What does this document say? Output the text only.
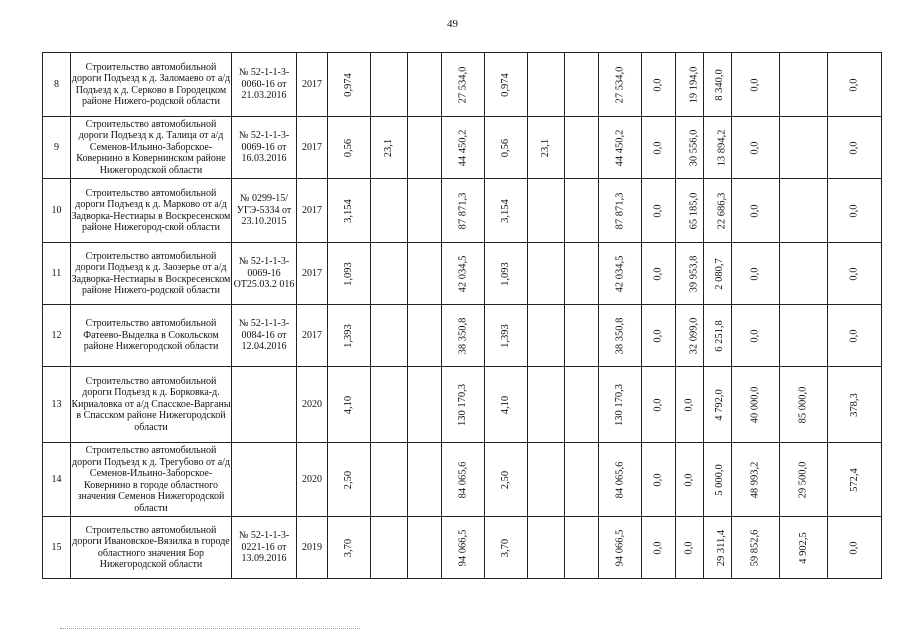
49
8	Строительство автомобильной дороги Подъезд к д. Заломаево от а/д Подъезд к д. Серково в Городецком районе Нижего-родской области	№ 52-1-1-3-0060-16 от 21.03.2016	2017	0,974			27 534,0	0,974			27 534,0	0,0	19 194,0	8 340,0	0,0		0,0
9	Строительство автомобильной дороги Подъезд к д. Талица от а/д Семенов-Ильино-Заборское-Ковернино в Ковернинском районе Нижегородской области	№ 52-1-1-3-0069-16 от 16.03.2016	2017	0,56	23,1		44 450,2	0,56	23,1		44 450,2	0,0	30 556,0	13 894,2	0,0		0,0
10	Строительство автомобильной дороги Подъезд к д. Марково от а/д Задворка-Нестиары в Воскресенском районе Нижегород-ской области	№ 0299-15/УГЭ-5334 от 23.10.2015	2017	3,154			87 871,3	3,154			87 871,3	0,0	65 185,0	22 686,3	0,0		0,0
11	Строительство автомобильной дороги Подъезд к д. Заозерье от а/д Задворка-Нестиары в Воскресенском районе Нижего-родской области	№ 52-1-1-3-0069-16 ОТ25.03.2 016	2017	1,093			42 034,5	1,093			42 034,5	0,0	39 953,8	2 080,7	0,0		0,0
12	Строительство автомобильной Фатеево-Выделка в Сокольском районе Нижегородской области	№ 52-1-1-3-0084-16 от 12.04.2016	2017	1,393			38 350,8	1,393			38 350,8	0,0	32 099,0	6 251,8	0,0		0,0
13	Строительство автомобильной дороги Подъезд к д. Борковка-д. Кириаловка от а/д Спасское-Варганы в Спасском районе Нижегородской области		2020	4,10			130 170,3	4,10			130 170,3	0,0	0,0	4 792,0	40 000,0	85 000,0	378,3
14	Строительство автомобильной дороги Подъезд к д. Трегубово от а/д Семенов-Ильино-Заборское-Ковернино в городе областного значения Семенов Нижегородской области		2020	2,50			84 065,6	2,50			84 065,6	0,0	0,0	5 000,0	48 993,2	29 500,0	572,4
15	Строительство автомобильной дороги Ивановское-Вязилка в городе областного значения Бор Нижегородской области	№ 52-1-1-3-0221-16 от 13.09.2016	2019	3,70			94 066,5	3,70			94 066,5	0,0	0,0	29 311,4	59 852,6	4 902,5	0,0
